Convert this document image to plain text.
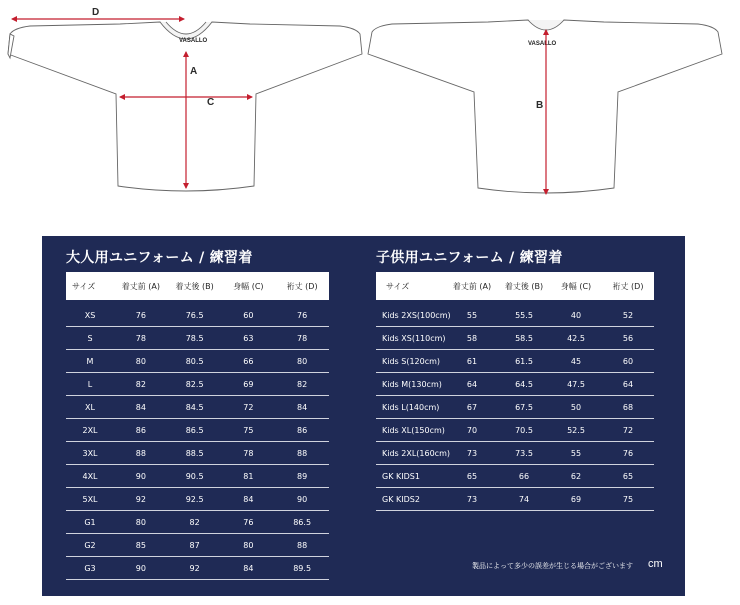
VASALLO	VASALLO
D
A
C	B
大人用ユニフォーム / 練習着
サイズ	着丈前 (A)	着丈後 (B)	身幅 (C)	裄丈 (D)
XS	76	76.5	60	76
S	78	78.5	63	78
M	80	80.5	66	80
L	82	82.5	69	82
XL	84	84.5	72	84
2XL	86	86.5	75	86
3XL	88	88.5	78	88
4XL	90	90.5	81	89
5XL	92	92.5	84	90
G1	80	82	76	86.5
G2	85	87	80	88
G3	90	92	84	89.5
子供用ユニフォーム / 練習着
サイズ	着丈前 (A)	着丈後 (B)	身幅 (C)	裄丈 (D)
Kids 2XS(100cm)	55	55.5	40	52
Kids XS(110cm)	58	58.5	42.5	56
Kids S(120cm)	61	61.5	45	60
Kids M(130cm)	64	64.5	47.5	64
Kids L(140cm)	67	67.5	50	68
Kids XL(150cm)	70	70.5	52.5	72
Kids 2XL(160cm)	73	73.5	55	76
GK KIDS1	65	66	62	65
GK KIDS2	73	74	69	75
製品によって多少の誤差が生じる場合がございます cm
